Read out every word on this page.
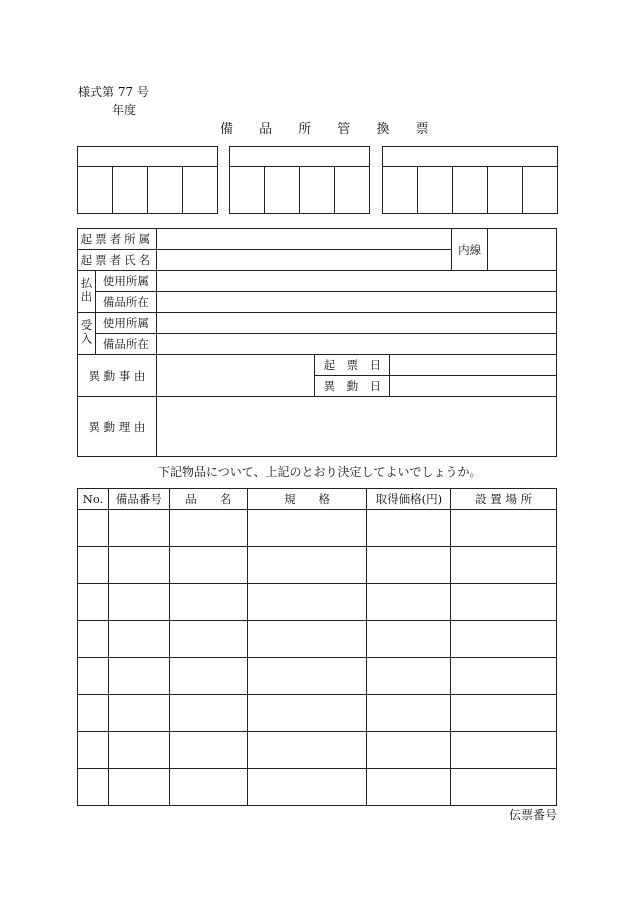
様式第 77 号
年度
備 品 所 管 換 票

起票者所属					内線	
起票者氏名						
払出	使用所属					
	備品所在					
受入	使用所属					
	備品所在					
異 動 事 由			起　票　日			
			異　動　日			
異 動 理 由						
下記物品について、上記のとおり決定してよいでしょうか。
No.	備品番号	品　　名	規　　格	取得価格(円)	設 置 場 所

伝票番号
